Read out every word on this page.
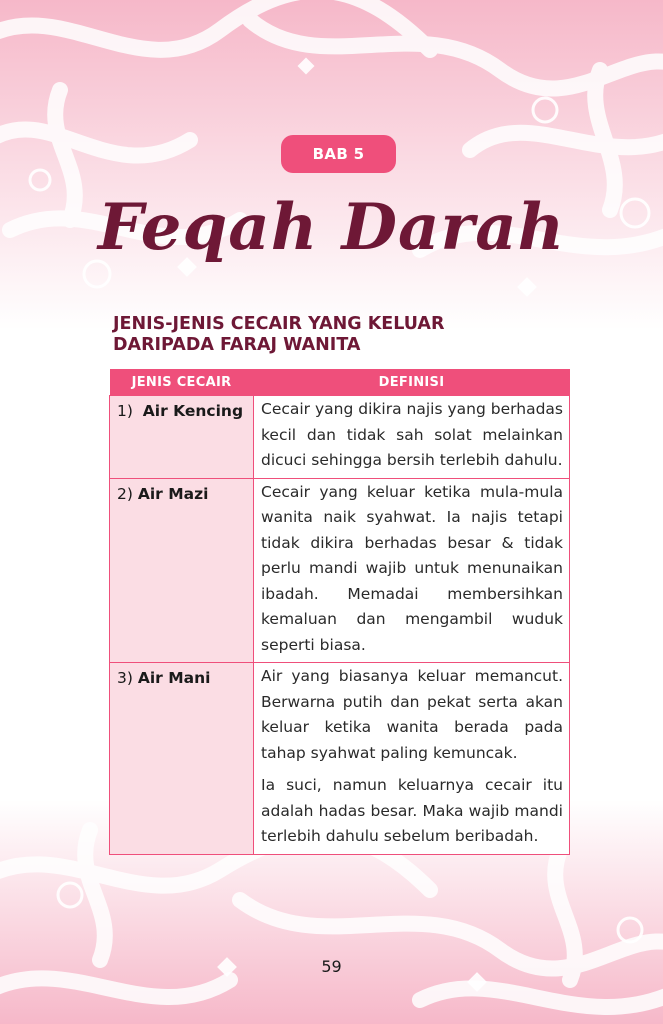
BAB 5
Feqah Darah
JENIS-JENIS CECAIR YANG KELUAR
DARIPADA FARAJ WANITA
JENIS CECAIR	DEFINISI
1) Air Kencing	Cecair yang dikira najis yang berhadas kecil dan tidak sah solat melainkan dicuci sehingga bersih terlebih dahulu.

2) Air Mazi	Cecair yang keluar ketika mula-mula wanita naik syahwat. Ia najis tetapi tidak dikira berhadas besar & tidak perlu mandi wajib untuk menunaikan ibadah. Memadai membersihkan kemaluan dan mengambil wuduk seperti biasa.

3) Air Mani	Air yang biasanya keluar memancut. Berwarna putih dan pekat serta akan keluar ketika wanita berada pada tahap syahwat paling kemuncak.

Ia suci, namun keluarnya cecair itu adalah hadas besar. Maka wajib mandi terlebih dahulu sebelum beribadah.

59
